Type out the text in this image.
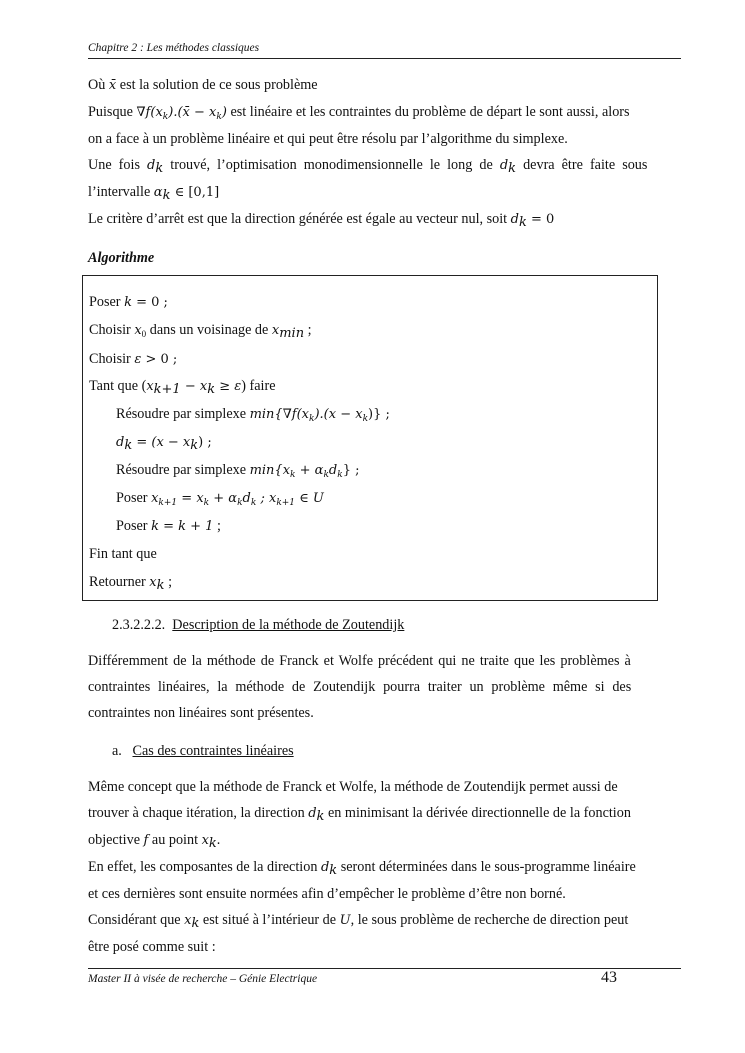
Chapitre 2 : Les méthodes classiques
Où x̄ est la solution de ce sous problème
Puisque $\nabla f(x_k).(x̄ - x_k)$ est linéaire et les contraintes du problème de départ le sont aussi, alors
on a face à un problème linéaire et qui peut être résolu par l’algorithme du simplexe.
Une fois $d_k$ trouvé, l’optimisation monodimensionnelle le long de $d_k$ devra être faite sous
l’intervalle $\alpha_k$ ∈ [0,1]
Le critère d’arrêt est que la direction générée est égale au vecteur nul, soit $d_k = 0$
Algorithme
Poser k = 0 ;
Choisir $x_0$ dans un voisinage de $x_{min}$ ;
Choisir ε > 0 ;
Tant que $(x_{k+1} - x_k \ge \varepsilon)$ faire
Résoudre par simplexe $\min\{\nabla f(x_k).(x - x_k)\}$ ;
$d_k = (x - x_k)$ ;
Résoudre par simplexe $\min\{x_k + \alpha_kd_k\}$ ;
Poser $x_{k+1} = x_k + \alpha_kd_k$ ; $x_{k+1}$ ∈ U
Poser k = k + 1 ;
Fin tant que
Retourner $x_k$ ;
2.3.2.2.2. Description de la méthode de Zoutendijk
Différemment de la méthode de Franck et Wolfe précédent qui ne traite que les problèmes à
contraintes linéaires, la méthode de Zoutendijk pourra traiter un problème même si des
contraintes non linéaires sont présentes.
a. Cas des contraintes linéaires
Même concept que la méthode de Franck et Wolfe, la méthode de Zoutendijk permet aussi de
trouver à chaque itération, la direction $d_k$ en minimisant la dérivée directionnelle de la fonction
objective f au point $x_k$.
En effet, les composantes de la direction $d_k$ seront déterminées dans le sous-programme linéaire
et ces dernières sont ensuite normées afin d’empêcher le problème d’être non borné.
Considérant que $x_k$ est situé à l’intérieur de U, le sous problème de recherche de direction peut
être posé comme suit :
Master II à visée de recherche – Génie Electrique	43
